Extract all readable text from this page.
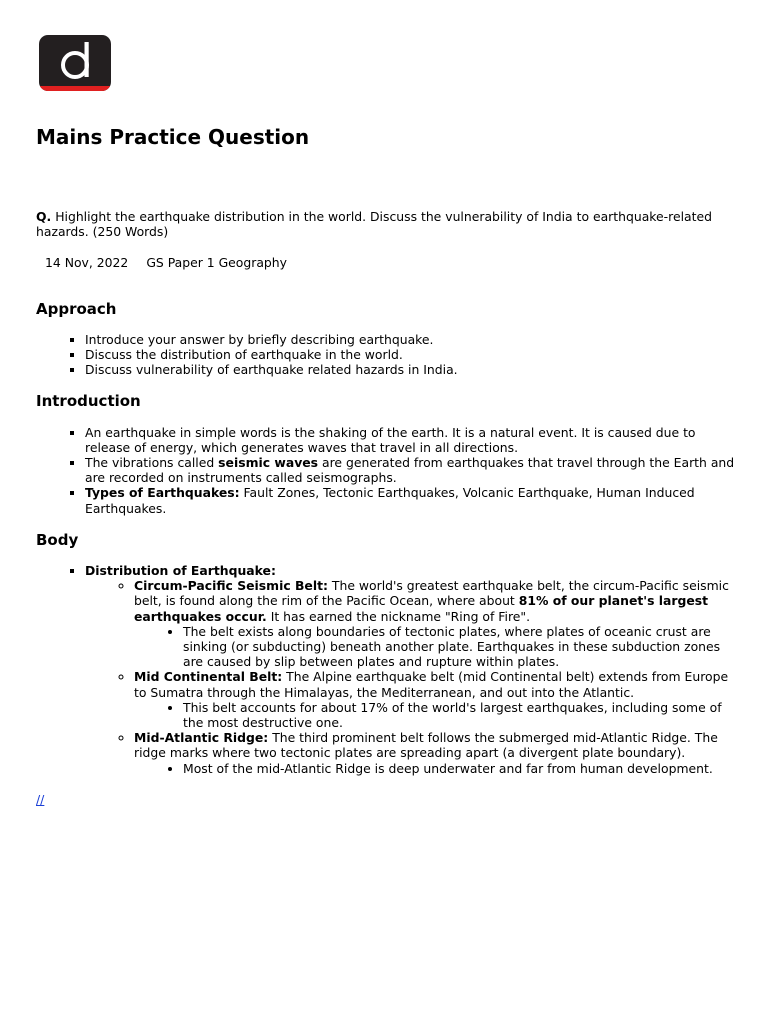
Mains Practice Question

Q. Highlight the earthquake distribution in the world. Discuss the vulnerability of India to earthquake-related hazards. (250 Words)

14 Nov, 2022 GS Paper 1 Geography
Approach
▪ Introduce your answer by briefly describing earthquake.
▪ Discuss the distribution of earthquake in the world.
▪ Discuss vulnerability of earthquake related hazards in India.
Introduction
▪ An earthquake in simple words is the shaking of the earth. It is a natural event. It is caused due to release of energy, which generates waves that travel in all directions.
▪ The vibrations called seismic waves are generated from earthquakes that travel through the Earth and are recorded on instruments called seismographs.
▪ Types of Earthquakes: Fault Zones, Tectonic Earthquakes, Volcanic Earthquake, Human Induced Earthquakes.
Body
▪ Distribution of Earthquake:
◦ Circum-Pacific Seismic Belt: The world's greatest earthquake belt, the circum-Pacific seismic belt, is found along the rim of the Pacific Ocean, where about 81% of our planet's largest earthquakes occur. It has earned the nickname "Ring of Fire".
• The belt exists along boundaries of tectonic plates, where plates of oceanic crust are sinking (or subducting) beneath another plate. Earthquakes in these subduction zones are caused by slip between plates and rupture within plates.
◦ Mid Continental Belt: The Alpine earthquake belt (mid Continental belt) extends from Europe to Sumatra through the Himalayas, the Mediterranean, and out into the Atlantic.
• This belt accounts for about 17% of the world's largest earthquakes, including some of the most destructive one.
◦ Mid-Atlantic Ridge: The third prominent belt follows the submerged mid-Atlantic Ridge. The ridge marks where two tectonic plates are spreading apart (a divergent plate boundary).
• Most of the mid-Atlantic Ridge is deep underwater and far from human development.
//
